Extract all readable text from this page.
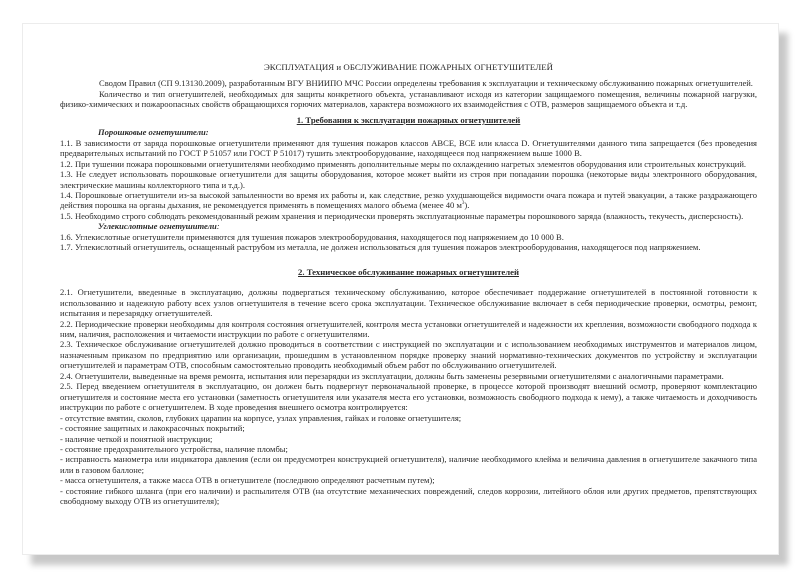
ЭКСПЛУАТАЦИЯ и ОБСЛУЖИВАНИЕ ПОЖАРНЫХ ОГНЕТУШИТЕЛЕЙ

Сводом Правил (СП 9.13130.2009), разработанным ВГУ ВНИИПО МЧС России определены требования к эксплуатации и техническому обслуживанию пожарных огнетушителей.

Количество и тип огнетушителей, необходимых для защиты конкретного объекта, устанавливают исходя из категории защищаемого помещения, величины пожарной нагрузки, физико-химических и пожароопасных свойств обращающихся горючих материалов, характера возможного их взаимодействия с ОТВ, размеров защищаемого объекта и т.д.

1. Требования к эксплуатации пожарных огнетушителей
Порошковые огнетушители:

1.1. В зависимости от заряда порошковые огнетушители применяют для тушения пожаров классов АВСЕ, ВСЕ или класса D. Огнетушителями данного типа запрещается (без проведения предварительных испытаний по ГОСТ Р 51057 или ГОСТ Р 51017) тушить электрооборудование, находящееся под напряжением выше 1000 В.

1.2. При тушении пожара порошковыми огнетушителями необходимо применять дополнительные меры по охлаждению нагретых элементов оборудования или строительных конструкций.

1.3. Не следует использовать порошковые огнетушители для защиты оборудования, которое может выйти из строя при попадании порошка (некоторые виды электронного оборудования, электрические машины коллекторного типа и т.д.).

1.4. Порошковые огнетушители из-за высокой запыленности во время их работы и, как следствие, резко ухудшающейся видимости очага пожара и путей эвакуации, а также раздражающего действия порошка на органы дыхания, не рекомендуется применять в помещениях малого объема (менее 40 $м^3$).

1.5. Необходимо строго соблюдать рекомендованный режим хранения и периодически проверять эксплуатационные параметры порошкового заряда (влажность, текучесть, дисперсность).

Углекислотные огнетушители:

1.6. Углекислотные огнетушители применяются для тушения пожаров электрооборудования, находящегося под напряжением до 10 000 В.

1.7. Углекислотный огнетушитель, оснащенный раструбом из металла, не должен использоваться для тушения пожаров электрооборудования, находящегося под напряжением.

2. Техническое обслуживание пожарных огнетушителей

2.1. Огнетушители, введенные в эксплуатацию, должны подвергаться техническому обслуживанию, которое обеспечивает поддержание огнетушителей в постоянной готовности к использованию и надежную работу всех узлов огнетушителя в течение всего срока эксплуатации. Техническое обслуживание включает в себя периодические проверки, осмотры, ремонт, испытания и перезарядку огнетушителей.

2.2. Периодические проверки необходимы для контроля состояния огнетушителей, контроля места установки огнетушителей и надежности их крепления, возможности свободного подхода к ним, наличия, расположения и читаемости инструкции по работе с огнетушителями.

2.3. Техническое обслуживание огнетушителей должно проводиться в соответствии с инструкцией по эксплуатации и с использованием необходимых инструментов и материалов лицом, назначенным приказом по предприятию или организации, прошедшим в установленном порядке проверку знаний нормативно-технических документов по устройству и эксплуатации огнетушителей и параметрам ОТВ, способным самостоятельно проводить необходимый объем работ по обслуживанию огнетушителей.

2.4. Огнетушители, выведенные на время ремонта, испытания или перезарядки из эксплуатации, должны быть заменены резервными огнетушителями с аналогичными параметрами.

2.5. Перед введением огнетушителя в эксплуатацию, он должен быть подвергнут первоначальной проверке, в процессе которой производят внешний осмотр, проверяют комплектацию огнетушителя и состояние места его установки (заметность огнетушителя или указателя места его установки, возможность свободного подхода к нему), а также читаемость и доходчивость инструкции по работе с огнетушителем. В ходе проведения внешнего осмотра контролируется:

- отсутствие вмятин, сколов, глубоких царапин на корпусе, узлах управления, гайках и головке огнетушителя;

- состояние защитных и лакокрасочных покрытий;

- наличие четкой и понятной инструкции;

- состояние предохранительного устройства, наличие пломбы;

- исправность манометра или индикатора давления (если он предусмотрен конструкцией огнетушителя), наличие необходимого клейма и величина давления в огнетушителе закачного типа или в газовом баллоне;

- масса огнетушителя, а также масса ОТВ в огнетушителе (последнюю определяют расчетным путем);

- состояние гибкого шланга (при его наличии) и распылителя ОТВ (на отсутствие механических повреждений, следов коррозии, литейного облоя или других предметов, препятствующих свободному выходу ОТВ из огнетушителя);
